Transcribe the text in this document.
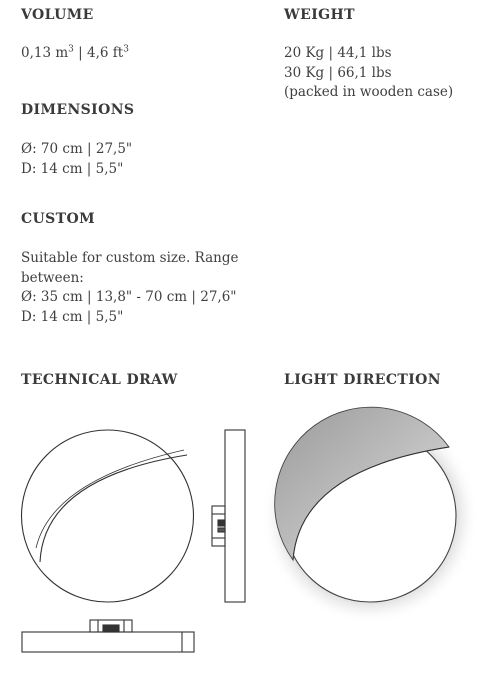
VOLUME

0,13 $m^3$ | 4,6 $ft^3$

WEIGHT

20 Kg | 44,1 lbs
30 Kg | 66,1 lbs
(packed in wooden case)

DIMENSIONS

Ø: 70 cm | 27,5"
D: 14 cm | 5,5"

CUSTOM

Suitable for custom size. Range
between:
Ø: 35 cm | 13,8" - 70 cm | 27,6"
D: 14 cm | 5,5"

TECHNICAL DRAW	LIGHT DIRECTION
